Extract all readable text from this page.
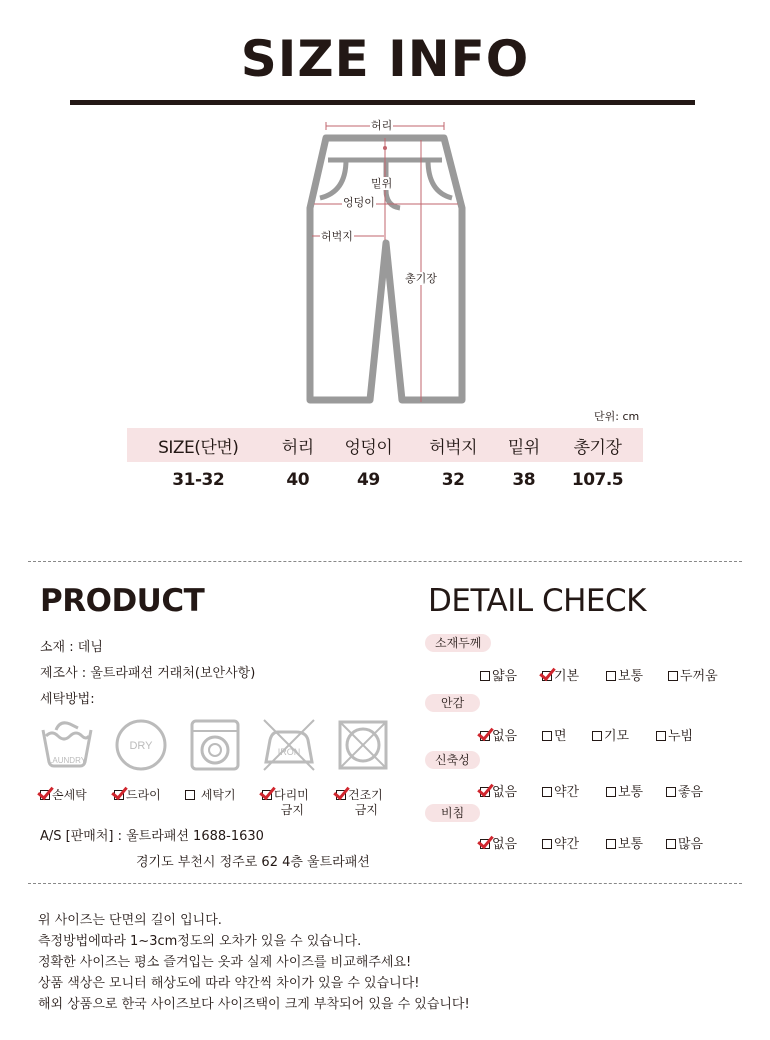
SIZE INFO
허리
밑위
엉덩이
허벅지
총기장
단위: cm
SIZE(단면)	허리	엉덩이	허벅지	밑위	총기장
31-32	40	49	32	38	107.5
PRODUCT
소재 : 데님
제조사 : 울트라패션 거래처(보안사항)
세탁방법:
LAUNDRY
DRY	IRON
손세탁	드라이	세탁기	다리미
금지
건조기
금지
A/S [판매처] : 울트라패션 1688-1630
경기도 부천시 정주로 62 4층 울트라패션
DETAIL CHECK
소재두께
얇음	기본	보통	두꺼움
안감
없음	면	기모	누빔
신축성
없음	약간	보통	좋음
비침
없음	약간	보통	많음
위 사이즈는 단면의 길이 입니다.
측정방법에따라 1~3cm정도의 오차가 있을 수 있습니다.
정확한 사이즈는 평소 즐겨입는 옷과 실제 사이즈를 비교해주세요!
상품 색상은 모니터 해상도에 따라 약간씩 차이가 있을 수 있습니다!
해외 상품으로 한국 사이즈보다 사이즈택이 크게 부착되어 있을 수 있습니다!
